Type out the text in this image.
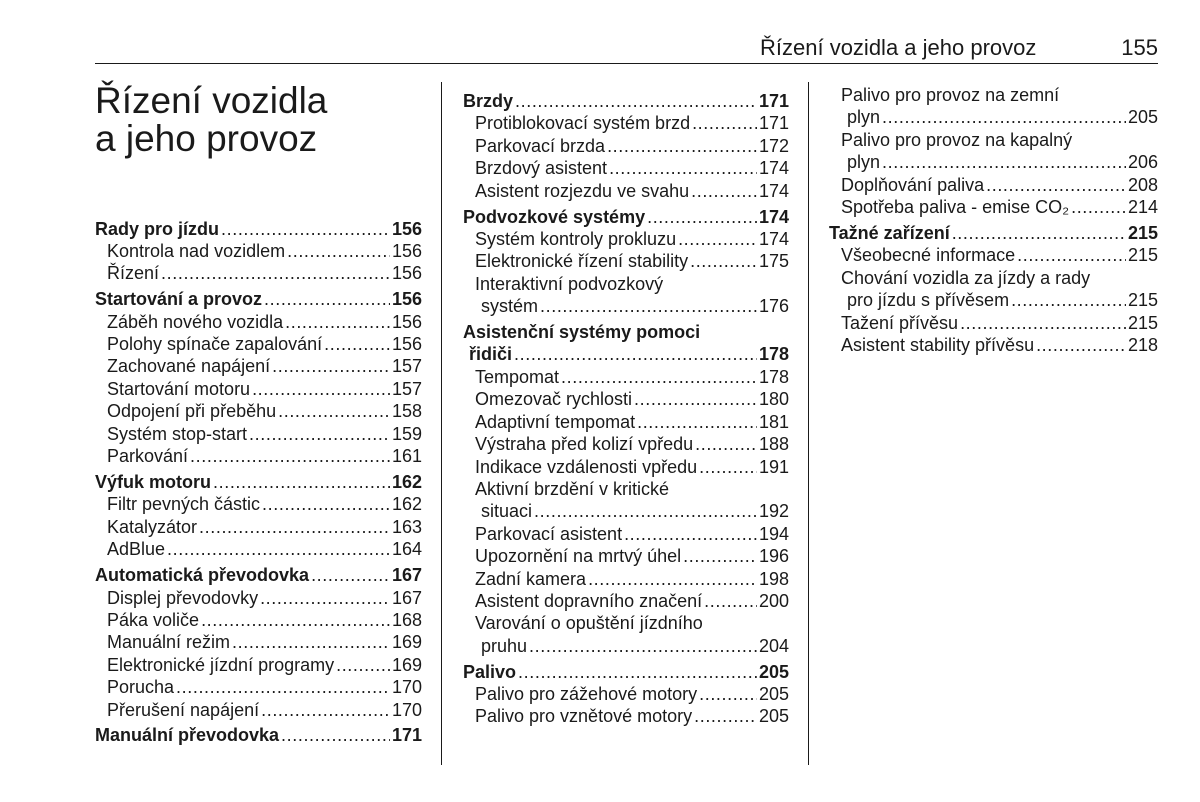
Řízení vozidla a jeho provoz	155
Řízení vozidla
a jeho provoz
Rady pro jízdu . . .	156
Kontrola nad vozidlem . . .	156
Řízení . . .	156
Startování a provoz . . .	156
Záběh nového vozidla . . .	156
Polohy spínače zapalování . . .	156
Zachované napájení . . .	157
Startování motoru . . .	157
Odpojení při přeběhu . . .	158
Systém stop-start . . .	159
Parkování . . .	161
Výfuk motoru . . .	162
Filtr pevných částic . . .	162
Katalyzátor . . .	163
AdBlue . . .	164
Automatická převodovka . . .	167
Displej převodovky . . .	167
Páka voliče . . .	168
Manuální režim . . .	169
Elektronické jízdní programy . . .	169
Porucha . . .	170
Přerušení napájení . . .	170
Manuální převodovka . . .	171
Brzdy . . .	171
Protiblokovací systém brzd . . .	171
Parkovací brzda . . .	172
Brzdový asistent . . .	174
Asistent rozjezdu ve svahu . . .	174
Podvozkové systémy . . .	174
Systém kontroly prokluzu . . .	174
Elektronické řízení stability . . .	175
Interaktivní podvozkový
systém . . .	176
Asistenční systémy pomoci
řidiči . . .	178
Tempomat . . .	178
Omezovač rychlosti . . .	180
Adaptivní tempomat . . .	181
Výstraha před kolizí vpředu . . .	188
Indikace vzdálenosti vpředu . . .	191
Aktivní brzdění v kritické
situaci . . .	192
Parkovací asistent . . .	194
Upozornění na mrtvý úhel . . .	196
Zadní kamera . . .	198
Asistent dopravního značení . . .	200
Varování o opuštění jízdního
pruhu . . .	204
Palivo . . .	205
Palivo pro zážehové motory . . .	205
Palivo pro vznětové motory . . .	205
Palivo pro provoz na zemní
plyn . . .	205
Palivo pro provoz na kapalný
plyn . . .	206
Doplňování paliva . . .	208
Spotřeba paliva - emise CO₂ . . .	214
Tažné zařízení . . .	215
Všeobecné informace . . .	215
Chování vozidla za jízdy a rady
pro jízdu s přívěsem . . .	215
Tažení přívěsu . . .	215
Asistent stability přívěsu . . .	218
